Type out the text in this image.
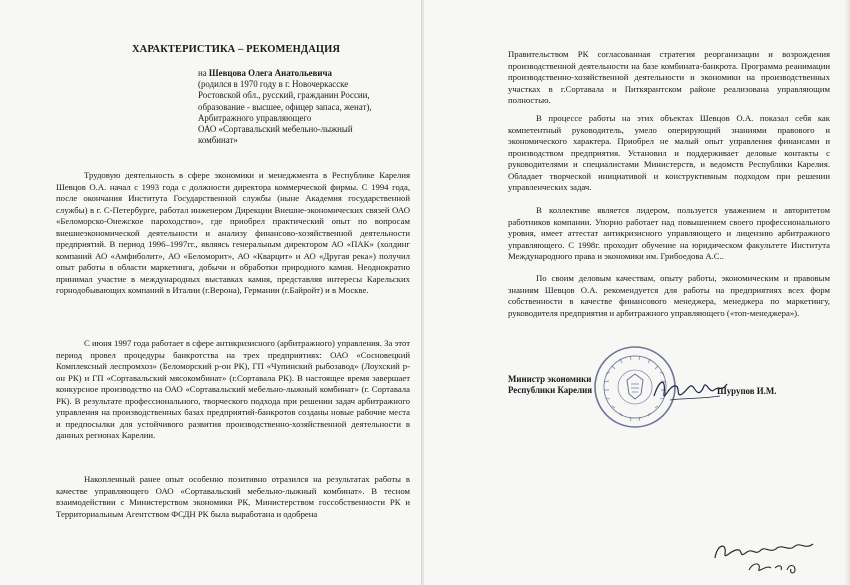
ХАРАКТЕРИСТИКА – РЕКОМЕНДАЦИЯ
на Шевцова Олега Анатольевича
(родился в 1970 году в г. Новочеркасске
Ростовской обл., русский, гражданин России,
образование - высшее, офицер запаса, женат),
Арбитражного управляющего
ОАО «Сортавальский мебельно-лыжный
комбинат»

Трудовую деятельность в сфере экономики и менеджмента в Республике Карелия Шевцов О.А. начал с 1993 года с должности директора коммерческой фирмы. С 1994 года, после окончания Института Государственной службы (ныне Академия государственной службы) в г. С-Петербурге, работал инженером Дирекции Внешне-экономических связей ОАО «Беломорско-Онежское пароходство», где приобрел практический опыт по вопросам внешнеэкономической деятельности и анализу финансово-хозяйственной деятельности предприятий. В период 1996–1997гг., являясь генеральным директором АО «ПАК» (холдинг компаний АО «Амфиболит», АО «Беломорит», АО «Кварцит» и АО «Другая река») получил опыт работы в области маркетинга, добычи и обработки природного камня. Неоднократно принимал участие в международных выставках камня, представляя интересы Карельских горнодобывающих компаний в Италии (г.Верона), Германии (г.Байройт) и в Москве.

С июня 1997 года работает в сфере антикризисного (арбитражного) управления. За этот период провел процедуры банкротства на трех предприятиях: ОАО «Сосновецкий Комплексный леспромхоз» (Беломорский р-он РК), ГП «Чупинский рыбозавод» (Лоухский р-он РК) и ГП «Сортавальский мясокомбинат» (г.Сортавала РК). В настоящее время завершает конкурсное производство на ОАО «Сортавальский мебельно-лыжный комбинат» (г. Сортавала РК). В результате профессионального, творческого подхода при решении задач арбитражного управления на производственных базах предприятий-банкротов созданы новые рабочие места и предпосылки для устойчивого развития производственно-хозяйственной деятельности в данных регионах Карелии.

Накопленный ранее опыт особенно позитивно отразился на результатах работы в качестве управляющего ОАО «Сортавальский мебельно-лыжный комбинат». В тесном взаимодействии с Министерством экономики РК, Министерством госсобственности РК и Территориальным Агентством ФСДН РК была выработана и одобрена

Правительством РК согласованная стратегия реорганизации и возрождения производственной деятельности на базе комбината-банкрота. Программа реанимации производственно-хозяйственной деятельности и экономики на производственных участках в г.Сортавала и Питкярантском районе реализована управляющим полностью.

В процессе работы на этих объектах Шевцов О.А. показал себя как компетентный руководитель, умело оперирующий знаниями правового и экономического характера. Приобрел не малый опыт управления финансами и производством предприятия. Установил и поддерживает деловые контакты с руководителями и специалистами Министерств, и ведомств Республики Карелия. Обладает творческой инициативой и конструктивным подходом при решении управленческих задач.

В коллективе является лидером, пользуется уважением и авторитетом работников компании. Упорно работает над повышением своего профессионального уровня, имеет аттестат антикризисного управляющего и лицензию арбитражного управляющего. С 1998г. проходит обучение на юридическом факультете Института Международного права и экономики им. Грибоедова А.С..

По своим деловым качествам, опыту работы, экономическим и правовым знаниям Шевцов О.А. рекомендуется для работы на предприятиях всех форм собственности в качестве финансового менеджера, менеджера по маркетингу, руководителя предприятия и арбитражного управляющего («топ-менеджера»).

Министр экономики
Республики Карелия	Шурупов И.М.
